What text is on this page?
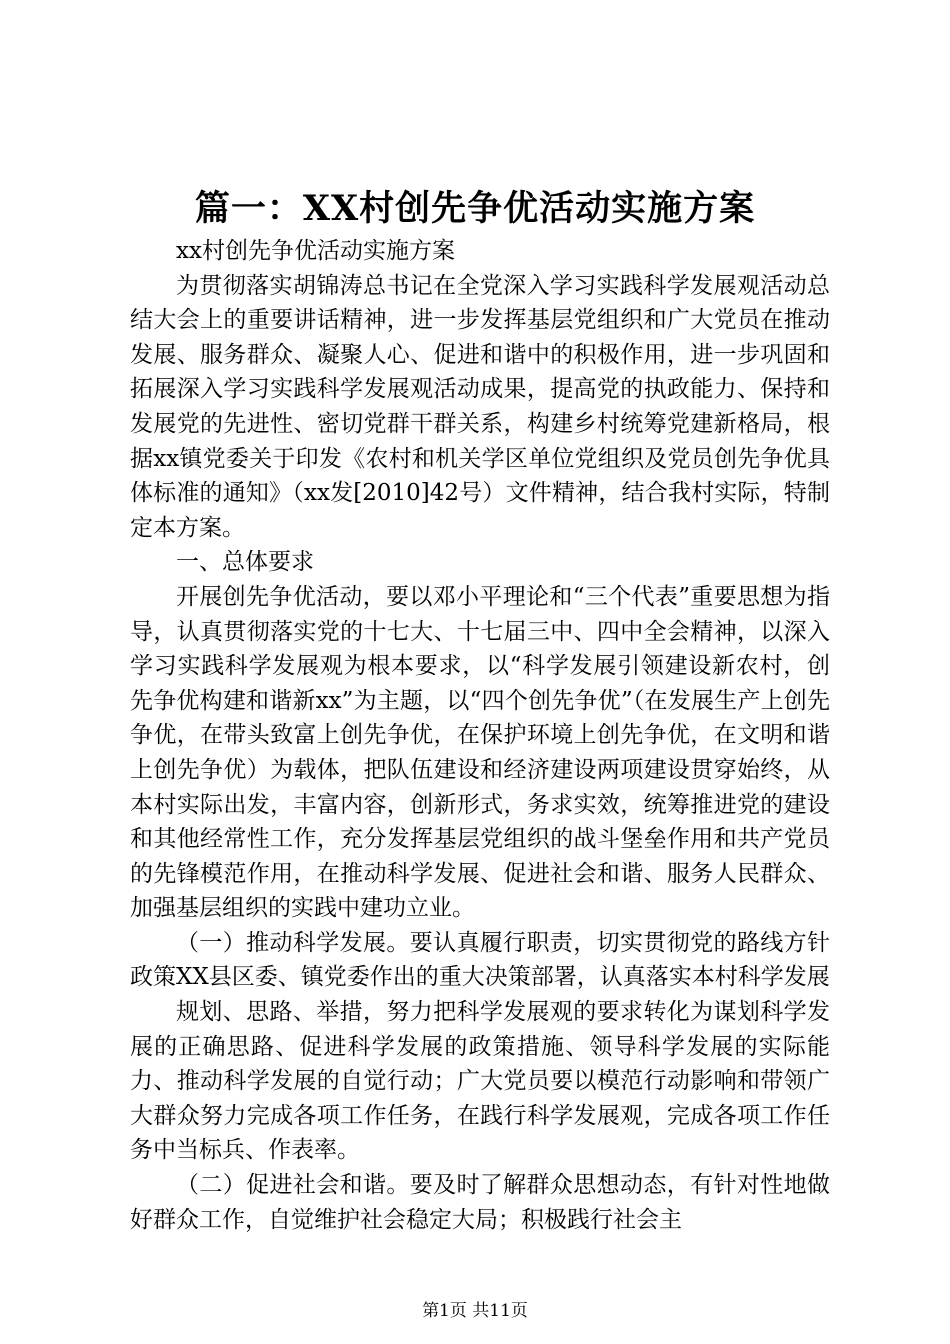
篇一：XX村创先争优活动实施方案

xx村创先争优活动实施方案

为贯彻落实胡锦涛总书记在全党深入学习实践科学发展观活动总结大会上的重要讲话精神，进一步发挥基层党组织和广大党员在推动发展、服务群众、凝聚人心、促进和谐中的积极作用，进一步巩固和拓展深入学习实践科学发展观活动成果，提高党的执政能力、保持和发展党的先进性、密切党群干群关系，构建乡村统筹党建新格局，根据xx镇党委关于印发《农村和机关学区单位党组织及党员创先争优具体标准的通知》（xx发[2010]42号）文件精神，结合我村实际，特制定本方案。

一、总体要求

开展创先争优活动，要以邓小平理论和“三个代表”重要思想为指导，认真贯彻落实党的十七大、十七届三中、四中全会精神，以深入学习实践科学发展观为根本要求，以“科学发展引领建设新农村，创先争优构建和谐新xx”为主题，以“四个创先争优”（在发展生产上创先争优，在带头致富上创先争优，在保护环境上创先争优，在文明和谐上创先争优）为载体，把队伍建设和经济建设两项建设贯穿始终，从本村实际出发，丰富内容，创新形式，务求实效，统筹推进党的建设和其他经常性工作，充分发挥基层党组织的战斗堡垒作用和共产党员的先锋模范作用，在推动科学发展、促进社会和谐、服务人民群众、加强基层组织的实践中建功立业。

（一）推动科学发展。要认真履行职责，切实贯彻党的路线方针政策XX县区委、镇党委作出的重大决策部署，认真落实本村科学发展

规划、思路、举措，努力把科学发展观的要求转化为谋划科学发展的正确思路、促进科学发展的政策措施、领导科学发展的实际能力、推动科学发展的自觉行动；广大党员要以模范行动影响和带领广大群众努力完成各项工作任务，在践行科学发展观，完成各项工作任务中当标兵、作表率。

（二）促进社会和谐。要及时了解群众思想动态，有针对性地做好群众工作，自觉维护社会稳定大局；积极践行社会主

第1页 共11页
